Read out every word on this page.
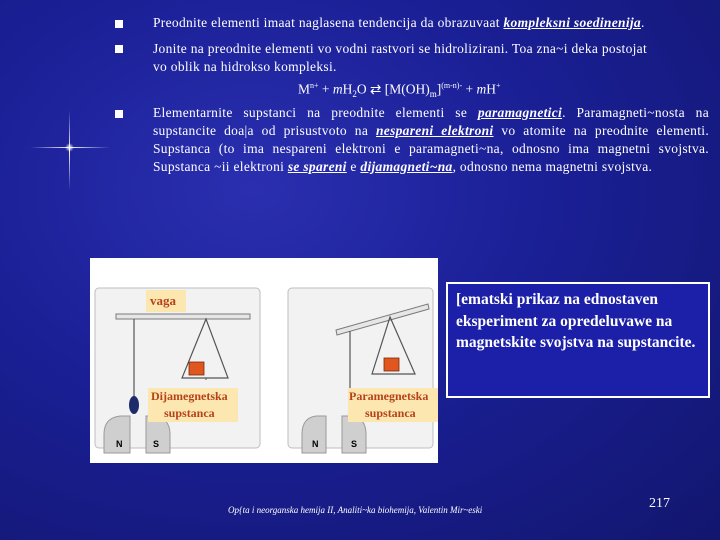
Preodnite elementi imaat naglasena tendencija da obrazuvaat kompleksni soedinenija.
Jonite na preodnite elementi vo vodni rastvori se hidrolizirani. Toa zna~i deka postojat
vo oblik na hidrokso kompleksi.
$M^{n+} + mH_2O$ ⇄ $[M(OH)_m]^{(m-n)-} + mH^+$
Elementarnite supstanci na preodnite elementi se paramagnetici. Paramagneti~nosta na supstancite doa|a od prisustvoto na nespareni elektroni vo atomite na preodnite elementi. Supstanca (to ima nespareni elektroni e paramagneti~na, odnosno ima magnetni svojstva. Supstanca ~ii elektroni se spareni e dijamagneti~na, odnosno nema magnetni svojstva.
N	S	N	S
vaga
Dijamegnetska
supstanca
Paramegnetska
supstanca
[ematski prikaz na ednostaven eksperiment za opredeluvawe na magnetskite svojstva na supstancite.
Op{ta i neorganska hemija II, Analiti~ka biohemija, Valentin Mir~eski	217
